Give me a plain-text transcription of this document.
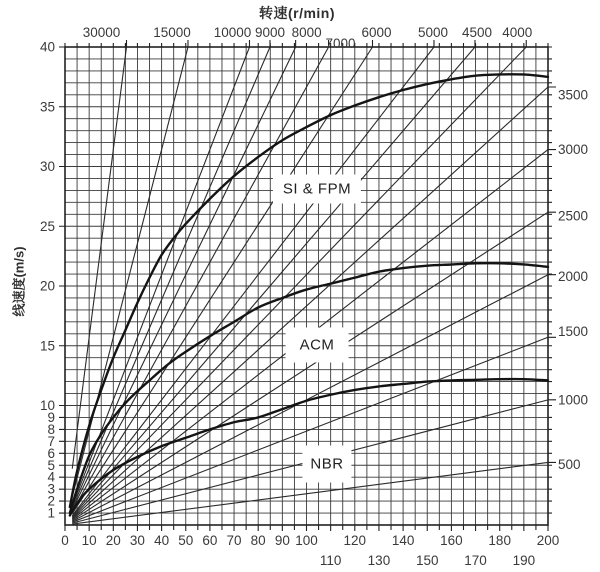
30000 15000 10000 9000 8000
7000
6000 5000 4500 4000
3500
3000
2500
2000
1500
1000
500
0 10 20 30 40 50 60 70 80 90 100 120 140 160 180 200
110 130 150 170 190
1
2
3
4
5
6
7
8
9
10
15
20
25
30
35
40
转速(r/min)
线速度(m/s)
SI & FPM
ACM
NBR
